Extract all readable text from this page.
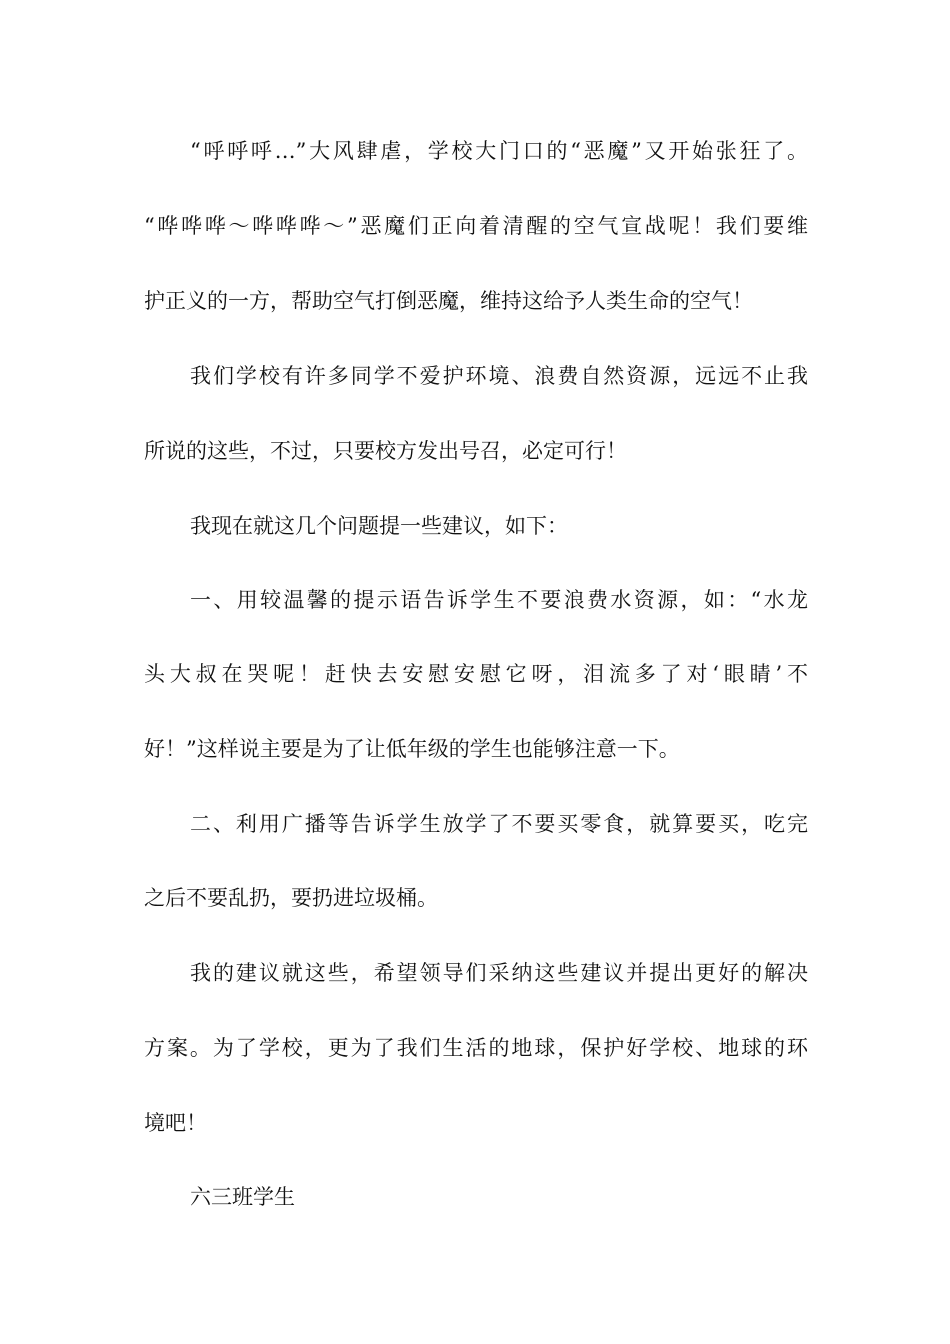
“呼呼呼…”大风肆虐，学校大门口的“恶魔”又开始张狂了。
“哗哗哗～哗哗哗～”恶魔们正向着清醒的空气宣战呢！我们要维
护正义的一方，帮助空气打倒恶魔，维持这给予人类生命的空气！
我们学校有许多同学不爱护环境、浪费自然资源，远远不止我
所说的这些，不过，只要校方发出号召，必定可行！
我现在就这几个问题提一些建议，如下：
一、用较温馨的提示语告诉学生不要浪费水资源，如：“水龙
头大叔在哭呢！赶快去安慰安慰它呀，泪流多了对‘眼睛’不
好！”这样说主要是为了让低年级的学生也能够注意一下。
二、利用广播等告诉学生放学了不要买零食，就算要买，吃完
之后不要乱扔，要扔进垃圾桶。
我的建议就这些，希望领导们采纳这些建议并提出更好的解决
方案。为了学校，更为了我们生活的地球，保护好学校、地球的环
境吧！
六三班学生
